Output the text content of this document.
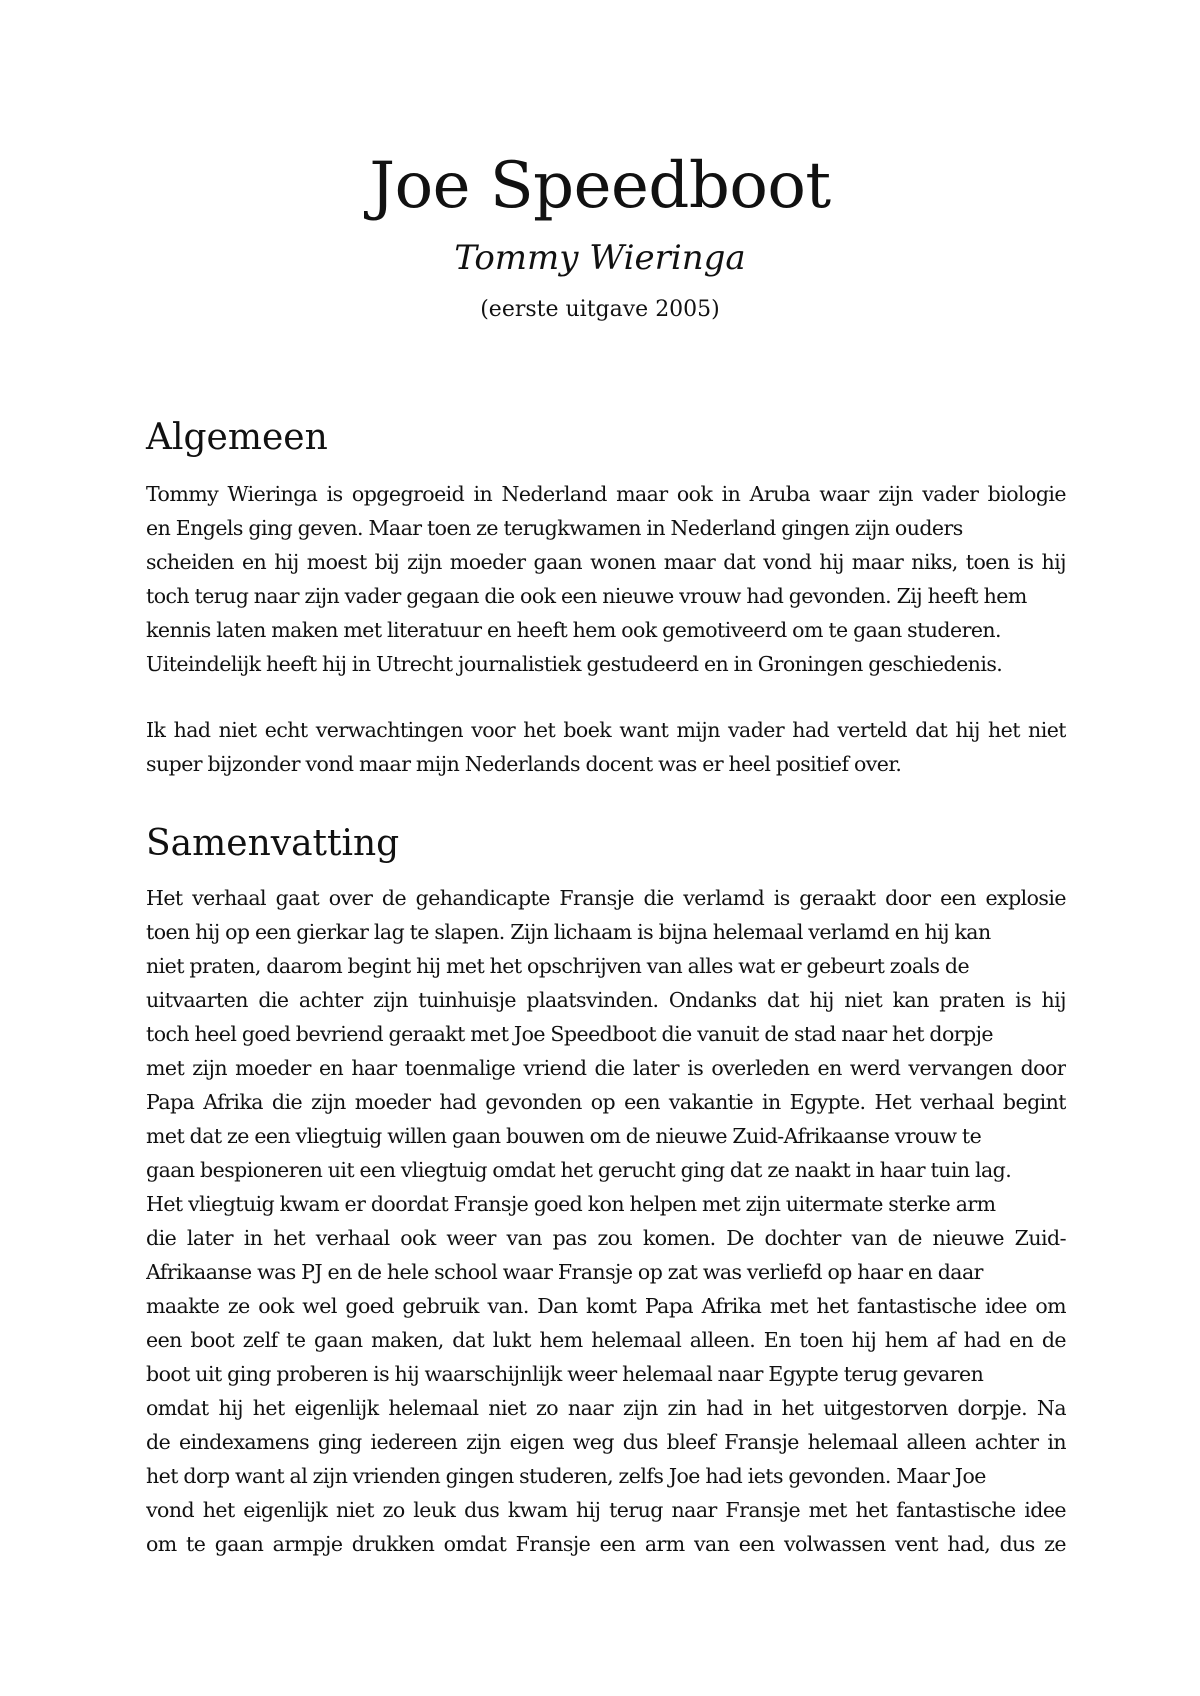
Joe Speedboot
Tommy Wieringa
(eerste uitgave 2005)
Algemeen
Tommy Wieringa is opgegroeid in Nederland maar ook in Aruba waar zijn vader biologie
en Engels ging geven. Maar toen ze terugkwamen in Nederland gingen zijn ouders
scheiden en hij moest bij zijn moeder gaan wonen maar dat vond hij maar niks, toen is hij
toch terug naar zijn vader gegaan die ook een nieuwe vrouw had gevonden. Zij heeft hem
kennis laten maken met literatuur en heeft hem ook gemotiveerd om te gaan studeren.
Uiteindelijk heeft hij in Utrecht journalistiek gestudeerd en in Groningen geschiedenis.
Ik had niet echt verwachtingen voor het boek want mijn vader had verteld dat hij het niet
super bijzonder vond maar mijn Nederlands docent was er heel positief over.
Samenvatting
Het verhaal gaat over de gehandicapte Fransje die verlamd is geraakt door een explosie
toen hij op een gierkar lag te slapen. Zijn lichaam is bijna helemaal verlamd en hij kan
niet praten, daarom begint hij met het opschrijven van alles wat er gebeurt zoals de
uitvaarten die achter zijn tuinhuisje plaatsvinden. Ondanks dat hij niet kan praten is hij
toch heel goed bevriend geraakt met Joe Speedboot die vanuit de stad naar het dorpje
met zijn moeder en haar toenmalige vriend die later is overleden en werd vervangen door
Papa Afrika die zijn moeder had gevonden op een vakantie in Egypte. Het verhaal begint
met dat ze een vliegtuig willen gaan bouwen om de nieuwe Zuid-Afrikaanse vrouw te
gaan bespioneren uit een vliegtuig omdat het gerucht ging dat ze naakt in haar tuin lag.
Het vliegtuig kwam er doordat Fransje goed kon helpen met zijn uitermate sterke arm
die later in het verhaal ook weer van pas zou komen. De dochter van de nieuwe Zuid-
Afrikaanse was PJ en de hele school waar Fransje op zat was verliefd op haar en daar
maakte ze ook wel goed gebruik van. Dan komt Papa Afrika met het fantastische idee om
een boot zelf te gaan maken, dat lukt hem helemaal alleen. En toen hij hem af had en de
boot uit ging proberen is hij waarschijnlijk weer helemaal naar Egypte terug gevaren
omdat hij het eigenlijk helemaal niet zo naar zijn zin had in het uitgestorven dorpje. Na
de eindexamens ging iedereen zijn eigen weg dus bleef Fransje helemaal alleen achter in
het dorp want al zijn vrienden gingen studeren, zelfs Joe had iets gevonden. Maar Joe
vond het eigenlijk niet zo leuk dus kwam hij terug naar Fransje met het fantastische idee
om te gaan armpje drukken omdat Fransje een arm van een volwassen vent had, dus ze
